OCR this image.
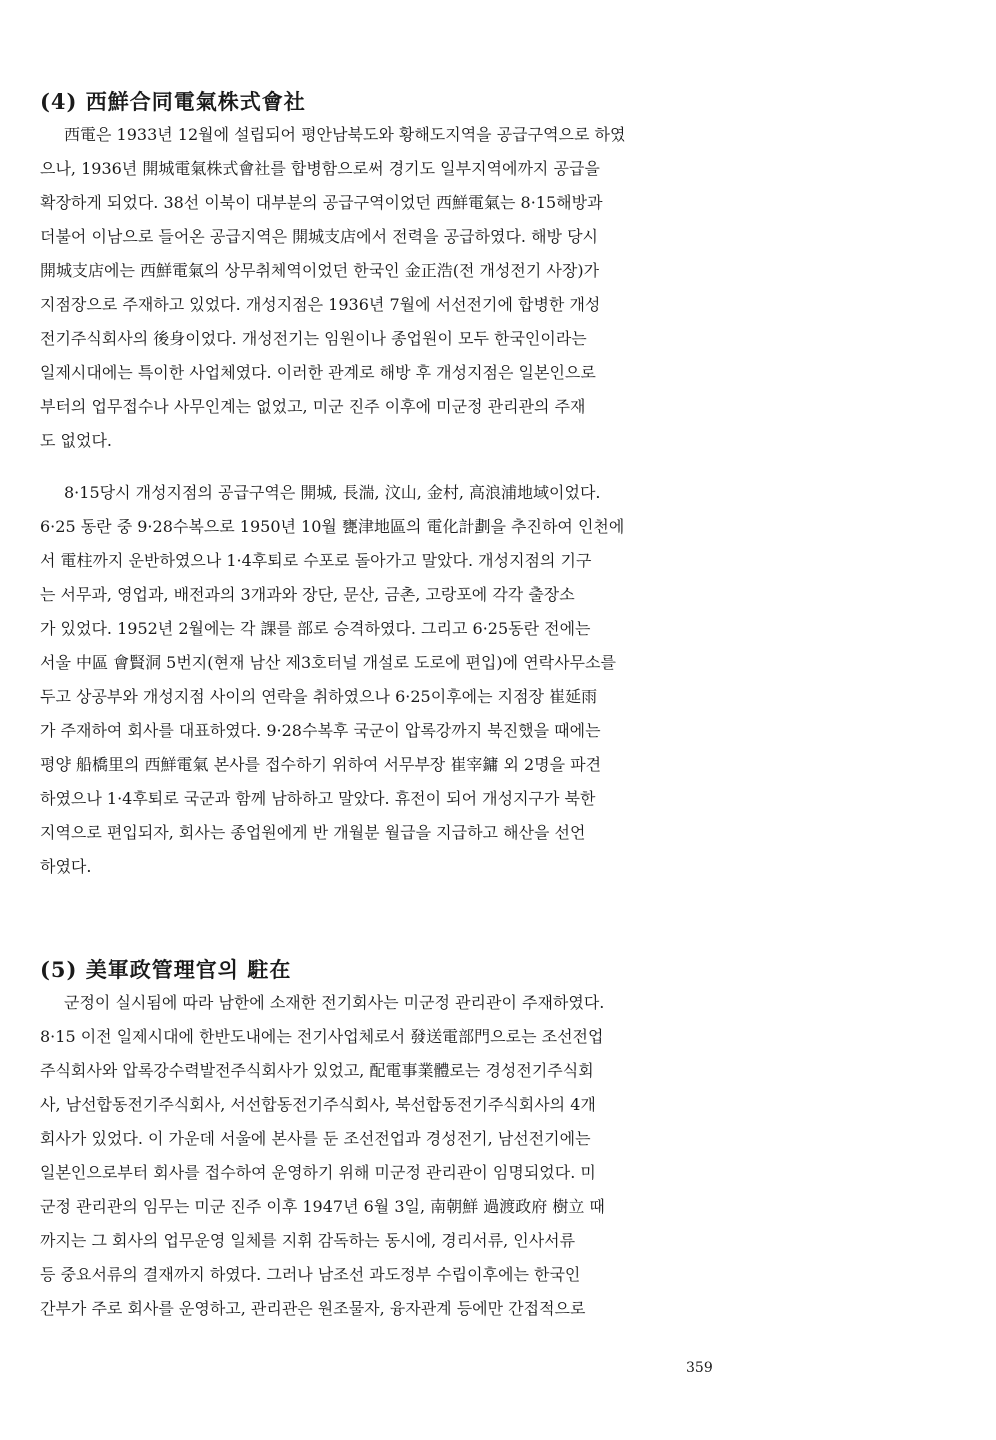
(4) 西鮮合同電氣株式會社
西電은 1933년 12월에 설립되어 평안남북도와 황해도지역을 공급구역으로 하였
으나, 1936년 開城電氣株式會社를 합병함으로써 경기도 일부지역에까지 공급을
확장하게 되었다. 38선 이북이 대부분의 공급구역이었던 西鮮電氣는 8·15해방과
더불어 이남으로 들어온 공급지역은 開城支店에서 전력을 공급하였다. 해방 당시
開城支店에는 西鮮電氣의 상무취체역이었던 한국인 金正浩(전 개성전기 사장)가
지점장으로 주재하고 있었다. 개성지점은 1936년 7월에 서선전기에 합병한 개성
전기주식회사의 後身이었다. 개성전기는 임원이나 종업원이 모두 한국인이라는
일제시대에는 특이한 사업체였다. 이러한 관계로 해방 후 개성지점은 일본인으로
부터의 업무접수나 사무인계는 없었고, 미군 진주 이후에 미군정 관리관의 주재
도 없었다.
8·15당시 개성지점의 공급구역은 開城, 長湍, 汶山, 金村, 高浪浦地域이었다.
6·25 동란 중 9·28수복으로 1950년 10월 甕津地區의 電化計劃을 추진하여 인천에
서 電柱까지 운반하였으나 1·4후퇴로 수포로 돌아가고 말았다. 개성지점의 기구
는 서무과, 영업과, 배전과의 3개과와 장단, 문산, 금촌, 고랑포에 각각 출장소
가 있었다. 1952년 2월에는 각 課를 部로 승격하였다. 그리고 6·25동란 전에는
서울 中區 會賢洞 5번지(현재 남산 제3호터널 개설로 도로에 편입)에 연락사무소를
두고 상공부와 개성지점 사이의 연락을 취하였으나 6·25이후에는 지점장 崔延雨
가 주재하여 회사를 대표하였다. 9·28수복후 국군이 압록강까지 북진했을 때에는
평양 船橋里의 西鮮電氣 본사를 접수하기 위하여 서무부장 崔宰鏞 외 2명을 파견
하였으나 1·4후퇴로 국군과 함께 남하하고 말았다. 휴전이 되어 개성지구가 북한
지역으로 편입되자, 회사는 종업원에게 반 개월분 월급을 지급하고 해산을 선언
하였다.
(5) 美軍政管理官의 駐在
군정이 실시됨에 따라 남한에 소재한 전기회사는 미군정 관리관이 주재하였다.
8·15 이전 일제시대에 한반도내에는 전기사업체로서 發送電部門으로는 조선전업
주식회사와 압록강수력발전주식회사가 있었고, 配電事業體로는 경성전기주식회
사, 남선합동전기주식회사, 서선합동전기주식회사, 북선합동전기주식회사의 4개
회사가 있었다. 이 가운데 서울에 본사를 둔 조선전업과 경성전기, 남선전기에는
일본인으로부터 회사를 접수하여 운영하기 위해 미군정 관리관이 임명되었다. 미
군정 관리관의 임무는 미군 진주 이후 1947년 6월 3일, 南朝鮮 過渡政府 樹立 때
까지는 그 회사의 업무운영 일체를 지휘 감독하는 동시에, 경리서류, 인사서류
등 중요서류의 결재까지 하였다. 그러나 남조선 과도정부 수립이후에는 한국인
간부가 주로 회사를 운영하고, 관리관은 원조물자, 융자관계 등에만 간접적으로
359
